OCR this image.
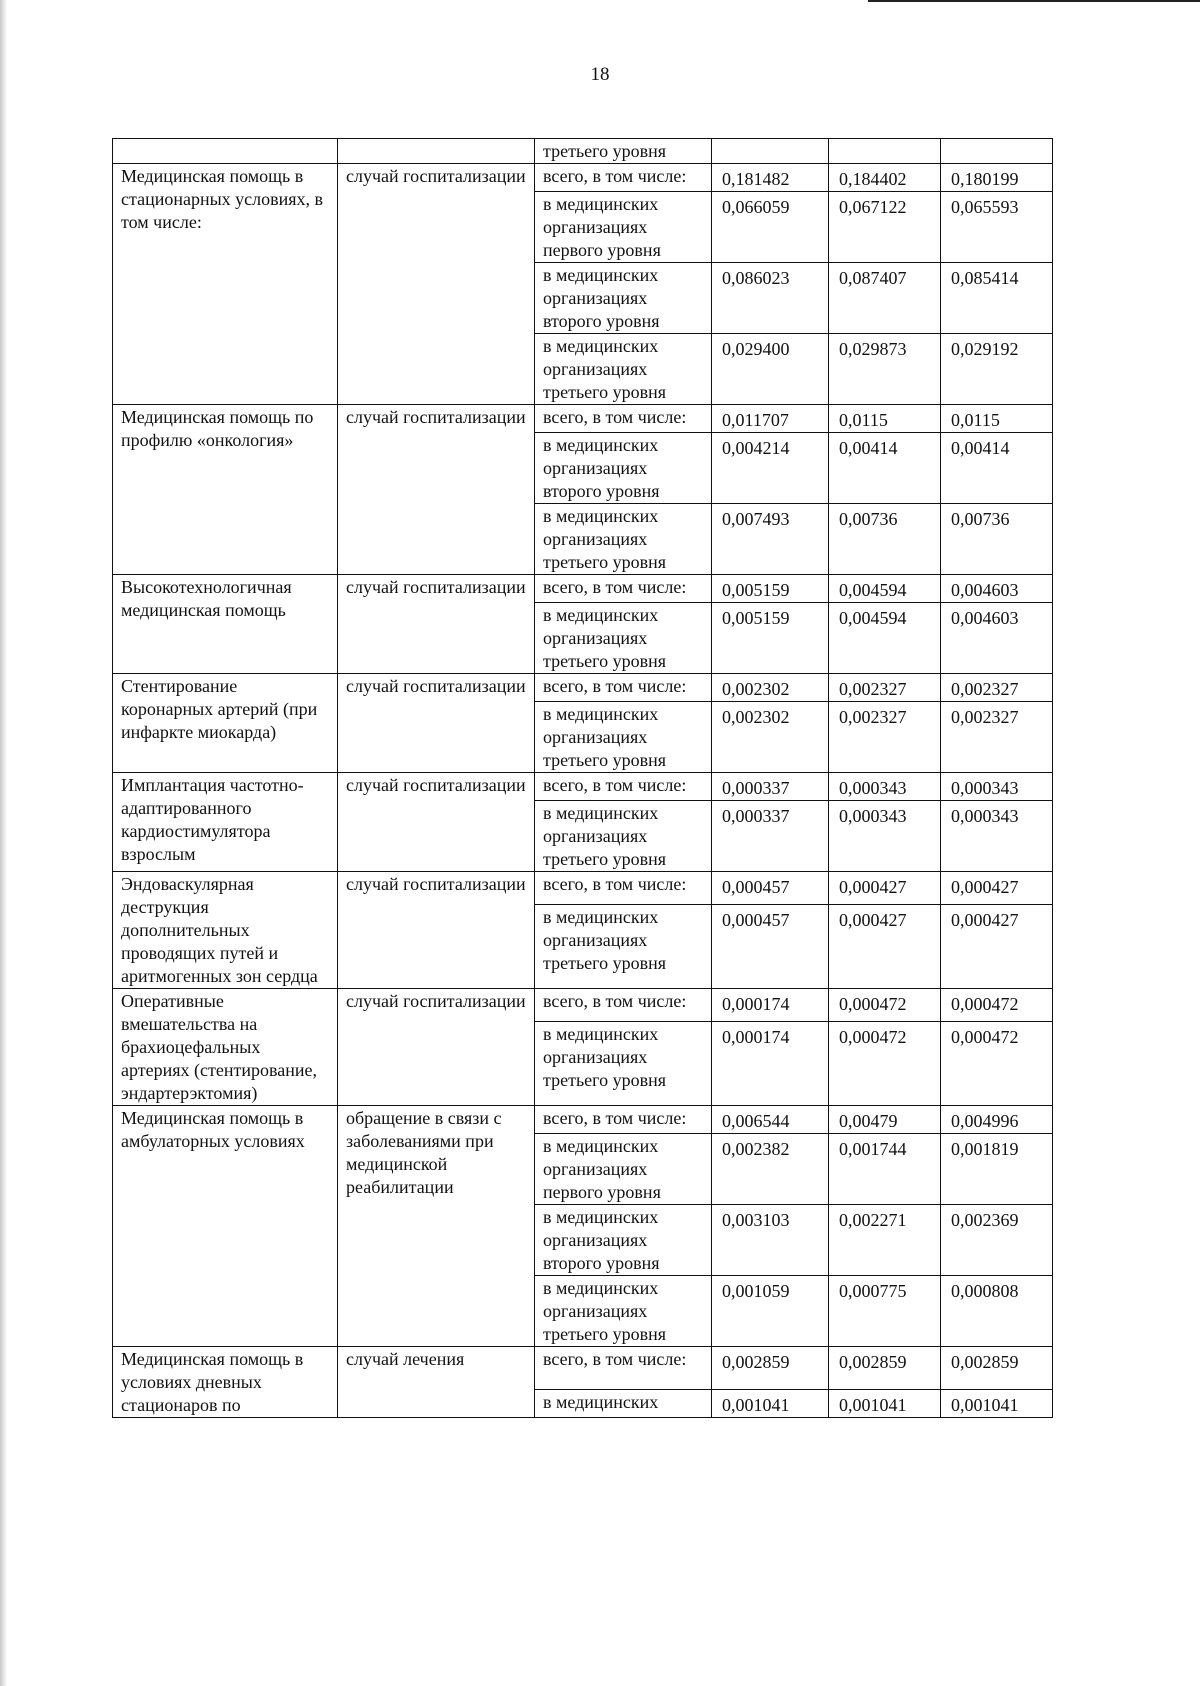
18
		третьего уровня			
Медицинская помощь в стационарных условиях, в том числе:	случай госпитализации	всего, в том числе:	0,181482	0,184402	0,180199
		в медицинских организациях первого уровня	0,066059	0,067122	0,065593
		в медицинских организациях второго уровня	0,086023	0,087407	0,085414
		в медицинских организациях третьего уровня	0,029400	0,029873	0,029192
Медицинская помощь по профилю «онкология»	случай госпитализации	всего, в том числе:	0,011707	0,0115	0,0115
		в медицинских организациях второго уровня	0,004214	0,00414	0,00414
		в медицинских организациях третьего уровня	0,007493	0,00736	0,00736
Высокотехнологичная медицинская помощь	случай госпитализации	всего, в том числе:	0,005159	0,004594	0,004603
		в медицинских организациях третьего уровня	0,005159	0,004594	0,004603
Стентирование коронарных артерий (при инфаркте миокарда)	случай госпитализации	всего, в том числе:	0,002302	0,002327	0,002327
		в медицинских организациях третьего уровня	0,002302	0,002327	0,002327
Имплантация частотно-адаптированного кардиостимулятора взрослым	случай госпитализации	всего, в том числе:	0,000337	0,000343	0,000343
		в медицинских организациях третьего уровня	0,000337	0,000343	0,000343
Эндоваскулярная деструкция дополнительных проводящих путей и аритмогенных зон сердца	случай госпитализации	всего, в том числе:	0,000457	0,000427	0,000427
		в медицинских организациях третьего уровня	0,000457	0,000427	0,000427
Оперативные вмешательства на брахиоцефальных артериях (стентирование, эндартерэктомия)	случай госпитализации	всего, в том числе:	0,000174	0,000472	0,000472
		в медицинских организациях третьего уровня	0,000174	0,000472	0,000472
Медицинская помощь в амбулаторных условиях	обращение в связи с заболеваниями при медицинской реабилитации	всего, в том числе:	0,006544	0,00479	0,004996
		в медицинских организациях первого уровня	0,002382	0,001744	0,001819
		в медицинских организациях второго уровня	0,003103	0,002271	0,002369
		в медицинских организациях третьего уровня	0,001059	0,000775	0,000808
Медицинская помощь в условиях дневных стационаров по	случай лечения	всего, в том числе:	0,002859	0,002859	0,002859
		в медицинских	0,001041	0,001041	0,001041
